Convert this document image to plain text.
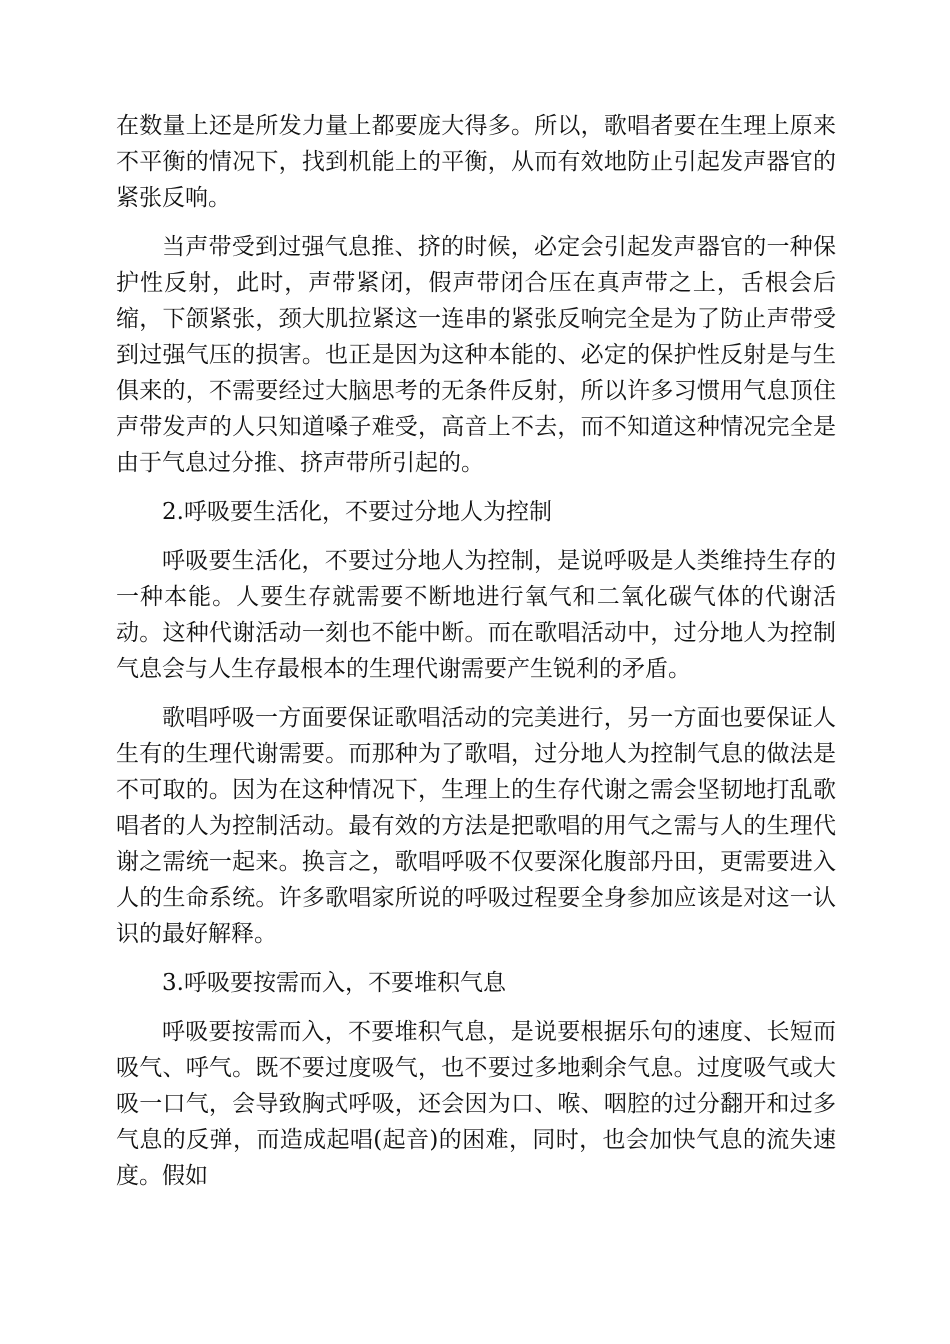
在数量上还是所发力量上都要庞大得多。所以，歌唱者要在生理上原来不平衡的情况下，找到机能上的平衡，从而有效地防止引起发声器官的紧张反响。

当声带受到过强气息推、挤的时候，必定会引起发声器官的一种保护性反射，此时，声带紧闭，假声带闭合压在真声带之上，舌根会后缩，下颌紧张，颈大肌拉紧这一连串的紧张反响完全是为了防止声带受到过强气压的损害。也正是因为这种本能的、必定的保护性反射是与生俱来的，不需要经过大脑思考的无条件反射，所以许多习惯用气息顶住声带发声的人只知道嗓子难受，高音上不去，而不知道这种情况完全是由于气息过分推、挤声带所引起的。

2.呼吸要生活化，不要过分地人为控制

呼吸要生活化，不要过分地人为控制，是说呼吸是人类维持生存的一种本能。人要生存就需要不断地进行氧气和二氧化碳气体的代谢活动。这种代谢活动一刻也不能中断。而在歌唱活动中，过分地人为控制气息会与人生存最根本的生理代谢需要产生锐利的矛盾。

歌唱呼吸一方面要保证歌唱活动的完美进行，另一方面也要保证人生有的生理代谢需要。而那种为了歌唱，过分地人为控制气息的做法是不可取的。因为在这种情况下，生理上的生存代谢之需会坚韧地打乱歌唱者的人为控制活动。最有效的方法是把歌唱的用气之需与人的生理代谢之需统一起来。换言之，歌唱呼吸不仅要深化腹部丹田，更需要进入人的生命系统。许多歌唱家所说的呼吸过程要全身参加应该是对这一认识的最好解释。

3.呼吸要按需而入，不要堆积气息

呼吸要按需而入，不要堆积气息，是说要根据乐句的速度、长短而吸气、呼气。既不要过度吸气，也不要过多地剩余气息。过度吸气或大吸一口气，会导致胸式呼吸，还会因为口、喉、咽腔的过分翻开和过多气息的反弹，而造成起唱(起音)的困难，同时，也会加快气息的流失速度。假如
